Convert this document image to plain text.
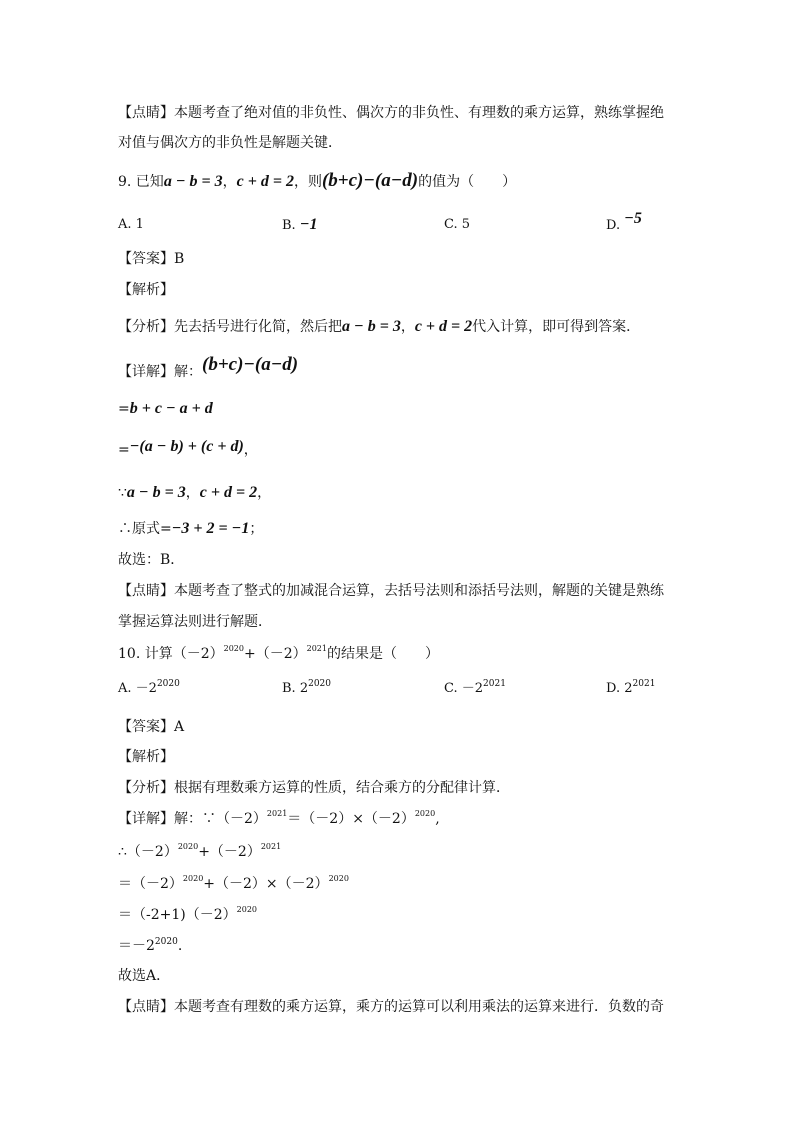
【点睛】本题考查了绝对值的非负性、偶次方的非负性、有理数的乘方运算，熟练掌握绝
对值与偶次方的非负性是解题关键．
9. 已知a − b = 3，c + d = 2，则(b+c)−(a−d)的值为（　　）
A. 1	B. −1	C. 5	D. −5
【答案】B
【解析】
【分析】先去括号进行化简，然后把a − b = 3，c + d = 2代入计算，即可得到答案．
【详解】解：(b+c)−(a−d)
=b + c − a + d
=−(a − b) + (c + d)，
∵a − b = 3，c + d = 2，
∴原式=−3 + 2 = −1；
故选：B．
【点睛】本题考查了整式的加减混合运算，去括号法则和添括号法则，解题的关键是熟练
掌握运算法则进行解题．
10. 计算$(-2)^{2020}+(-2)^{2021}$的结果是（　　）
A. $-2^{2020}$	B. $2^{2020}$	C. $-2^{2021}$	D. $2^{2021}$
【答案】A
【解析】
【分析】根据有理数乘方运算的性质，结合乘方的分配律计算．
【详解】解：$\because(-2)^{2021}=(-2)\times(-2)^{2020}$,
$\therefore(-2)^{2020}+(-2)^{2021}$
$=(-2)^{2020}+(-2)\times(-2)^{2020}$
$=(-2+1)(-2)^{2020}$
$=-2^{2020}$.
故选A．
【点睛】本题考查有理数的乘方运算，乘方的运算可以利用乘法的运算来进行．负数的奇
